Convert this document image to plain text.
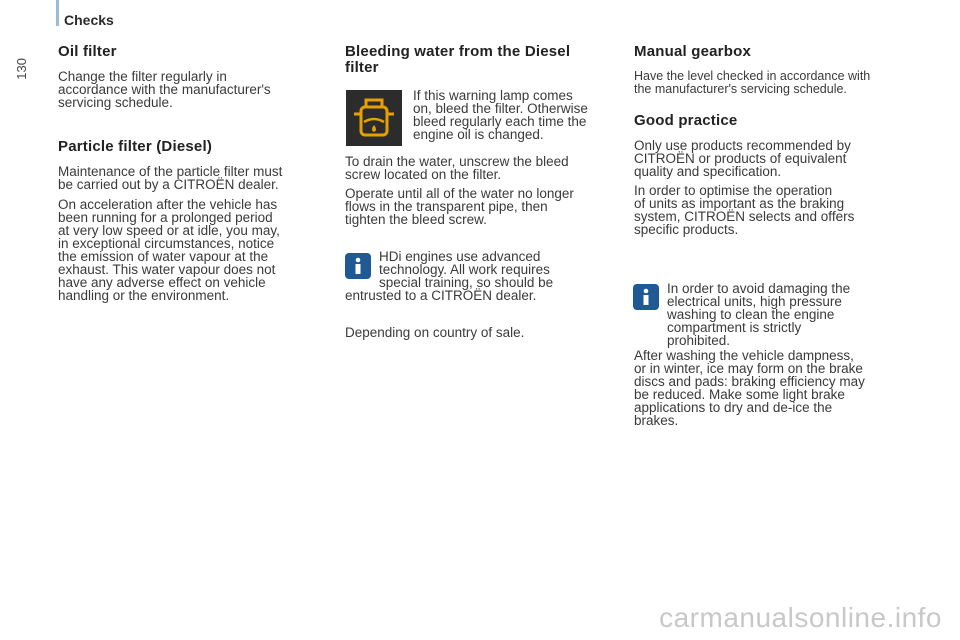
Checks
130
Oil filter

Change the filter regularly in

accordance with the manufacturer's

servicing schedule.

Particle filter (Diesel)

Maintenance of the particle filter must

be carried out by a CITROËN dealer.

On acceleration after the vehicle has

been running for a prolonged period

at very low speed or at idle, you may,

in exceptional circumstances, notice

the emission of water vapour at the

exhaust. This water vapour does not

have any adverse effect on vehicle

handling or the environment.

Bleeding water from the Diesel
filter

If this warning lamp comes

on, bleed the filter. Otherwise

bleed regularly each time the

engine oil is changed.

To drain the water, unscrew the bleed

screw located on the filter.

Operate until all of the water no longer

flows in the transparent pipe, then

tighten the bleed screw.

HDi engines use advanced

technology. All work requires

special training, so should be

entrusted to a CITROËN dealer.

Depending on country of sale.

Manual gearbox

Have the level checked in accordance with

the manufacturer's servicing schedule.

Good practice

Only use products recommended by

CITROËN or products of equivalent

quality and specification.

In order to optimise the operation

of units as important as the braking

system, CITROËN selects and offers

specific products.

In order to avoid damaging the

electrical units, high pressure

washing to clean the engine

compartment is strictly

prohibited.

After washing the vehicle dampness,

or in winter, ice may form on the brake

discs and pads: braking efficiency may

be reduced. Make some light brake

applications to dry and de-ice the

brakes.

carmanualsonline.info
